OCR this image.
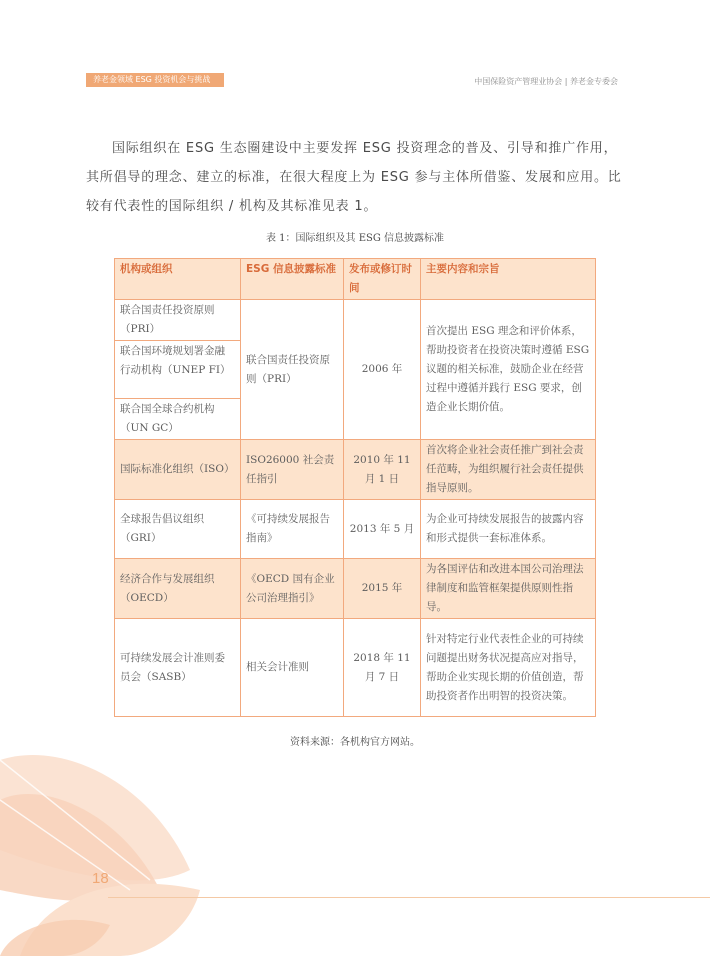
养老金领域 ESG 投资机会与挑战	中国保险资产管理业协会 | 养老金专委会

国际组织在 ESG 生态圈建设中主要发挥 ESG 投资理念的普及、引导和推广作用，其所倡导的理念、建立的标准，在很大程度上为 ESG 参与主体所借鉴、发展和应用。比较有代表性的国际组织 / 机构及其标准见表 1。

表 1：国际组织及其 ESG 信息披露标准
机构或组织	ESG 信息披露标准	发布或修订时间	主要内容和宗旨
联合国责任投资原则（PRI）	联合国责任投资原则（PRI）	2006 年	首次提出 ESG 理念和评价体系，帮助投资者在投资决策时遵循 ESG 议题的相关标准，鼓励企业在经营过程中遵循并践行 ESG 要求，创造企业长期价值。
联合国环境规划署金融行动机构（UNEP FI）			
联合国全球合约机构（UN GC）			
国际标准化组织（ISO）	ISO26000 社会责任指引	2010 年 11 月 1 日	首次将企业社会责任推广到社会责任范畴，为组织履行社会责任提供指导原则。
全球报告倡议组织（GRI）	《可持续发展报告指南》	2013 年 5 月	为企业可持续发展报告的披露内容和形式提供一套标准体系。
经济合作与发展组织（OECD）	《OECD 国有企业公司治理指引》	2015 年	为各国评估和改进本国公司治理法律制度和监管框架提供原则性指导。
可持续发展会计准则委员会（SASB）	相关会计准则	2018 年 11 月 7 日	针对特定行业代表性企业的可持续问题提出财务状况提高应对指导，帮助企业实现长期的价值创造，帮助投资者作出明智的投资决策。
资料来源：各机构官方网站。
18
